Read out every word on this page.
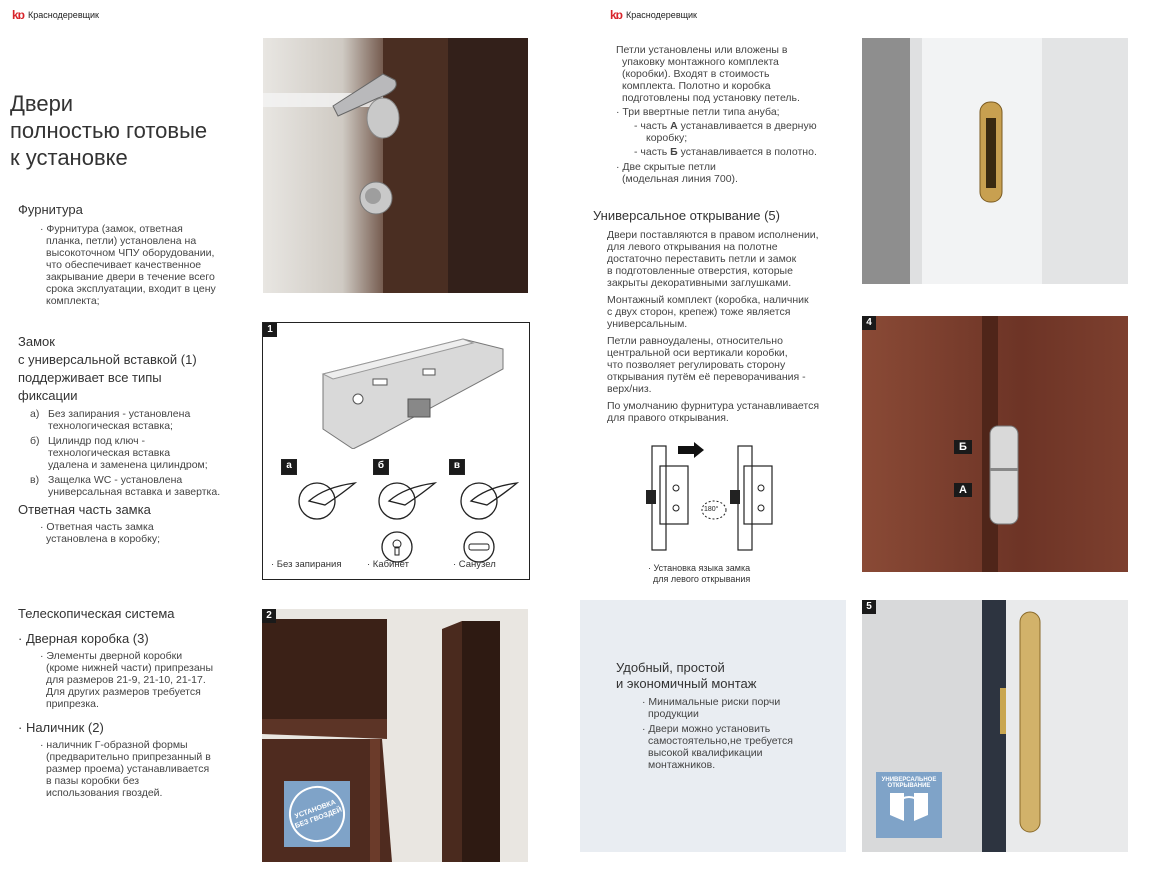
kɒ Краснодеревщик
Двери
полностью готовые
к установке
Фурнитура

· Фурнитура (замок, ответная

планка, петли) установлена на

высокоточном ЧПУ оборудовании,

что обеспечивает качественное

закрывание двери в течение всего

срока эксплуатации, входит в цену

комплекта;

Замок
с универсальной вставкой (1)
поддерживает все типы
фиксации
а) Без запирания - установлена

технологическая вставка;

б) Цилиндр под ключ -

технологическая вставка

удалена и заменена цилиндром;

в) Защелка WC - установлена

универсальная вставка и завертка.

Ответная часть замка

· Ответная часть замка

установлена в коробку;

Телескопическая система
· Дверная коробка (3)

· Элементы дверной коробки

(кроме нижней части) припрезаны

для размеров 21-9, 21-10, 21-17.

Для других размеров требуется

припрезка.

· Наличник (2)

· наличник Г-образной формы

(предварительно припрезанный в

размер проема) устанавливается

в пазы коробки без

использования гвоздей.

1
а	б	в
· Без запирания	· Кабинет	· Санузел
2
УСТАНОВКА БЕЗ ГВОЗДЕЙ
kɒ Краснодеревщик

Петли установлены или вложены в

упаковку монтажного комплекта

(коробки). Входят в стоимость

комплекта. Полотно и коробка

подготовлены под установку петель.

· Три ввертные петли типа ануба;

- часть А устанавливается в дверную

коробку;

- часть Б устанавливается в полотно.

· Две скрытые петли

(модельная линия 700).

Универсальное открывание (5)

Двери поставляются в правом исполнении,

для левого открывания на полотне

достаточно переставить петли и замок

в подготовленные отверстия, которые

закрыты декоративными заглушками.

Монтажный комплект (коробка, наличник

с двух сторон, крепеж) тоже является

универсальным.

Петли равноудалены, относительно

центральной оси вертикали коробки,

что позволяет регулировать сторону

открывания путём её переворачивания -

верх/низ.

По умолчанию фурнитура устанавливается

для правого открывания.

180°
· Установка языка замка
для левого открывания
Удобный, простой
и экономичный монтаж

· Минимальные риски порчи

продукции

· Двери можно установить

самостоятельно,не требуется

высокой квалификации

монтажников.

4
Б
А
5
УНИВЕРСАЛЬНОЕ
ОТКРЫВАНИЕ
